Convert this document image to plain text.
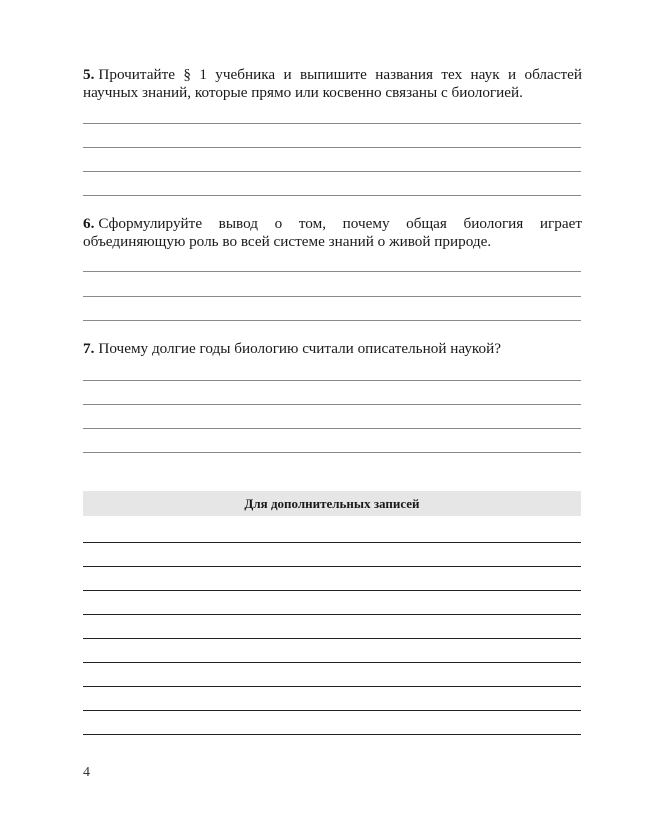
5. Прочитайте § 1 учебника и выпишите названия тех наук и областей научных знаний, которые прямо или косвенно связаны с биологией.
6. Сформулируйте вывод о том, почему общая биология играет объединяющую роль во всей системе знаний о живой природе.
7. Почему долгие годы биологию считали описательной наукой?
Для дополнительных записей
4
